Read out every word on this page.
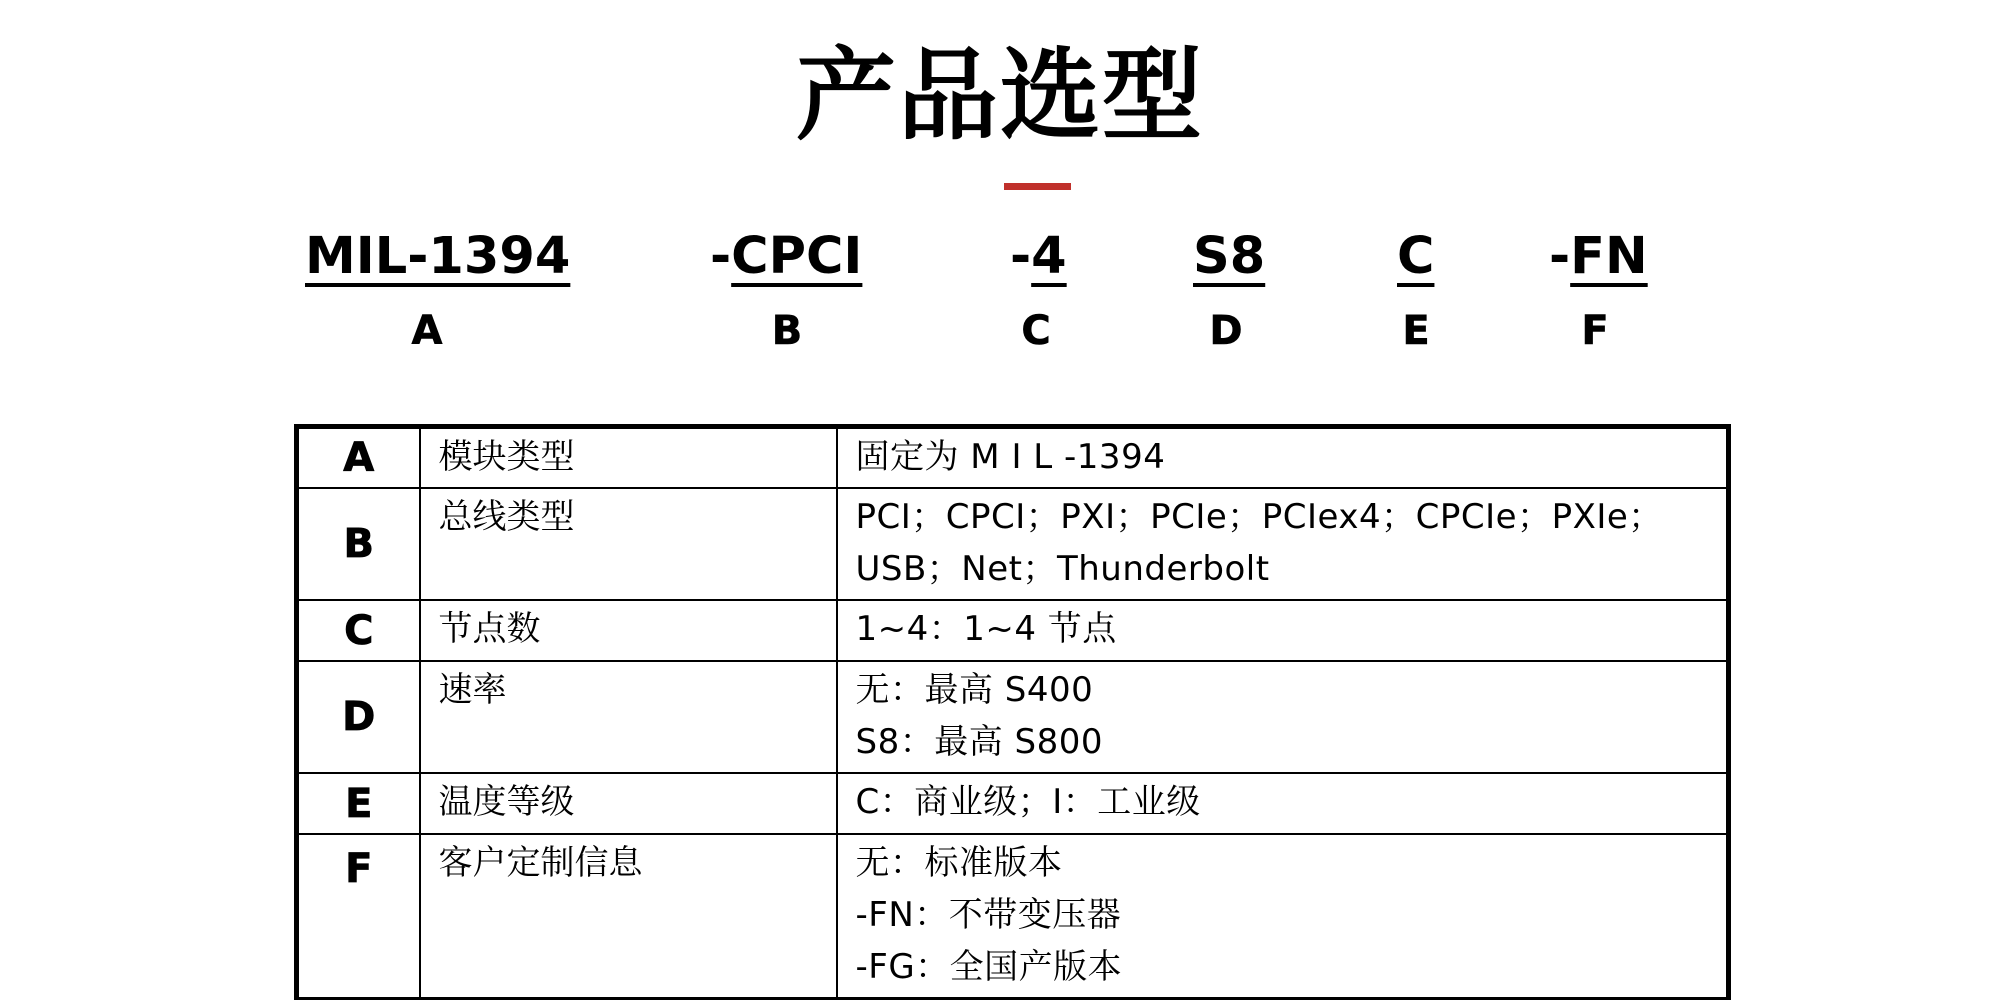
产品选型
MIL-1394	-CPCI	-4 S8	C -FN
A	B	C	D	E	F
A	模块类型	固定为 M I L -1394

B	总线类型	PCI；CPCI；PXI；PCIe；PCIex4；CPCIe；PXIe；USB；Net；Thunderbolt

C	节点数	1~4：1~4 节点

D	速率	无：最高 S400
S8：最高 S800

E	温度等级	C：商业级；I：工业级

F	客户定制信息	无：标准版本
-FN：不带变压器
-FG：全国产版本
